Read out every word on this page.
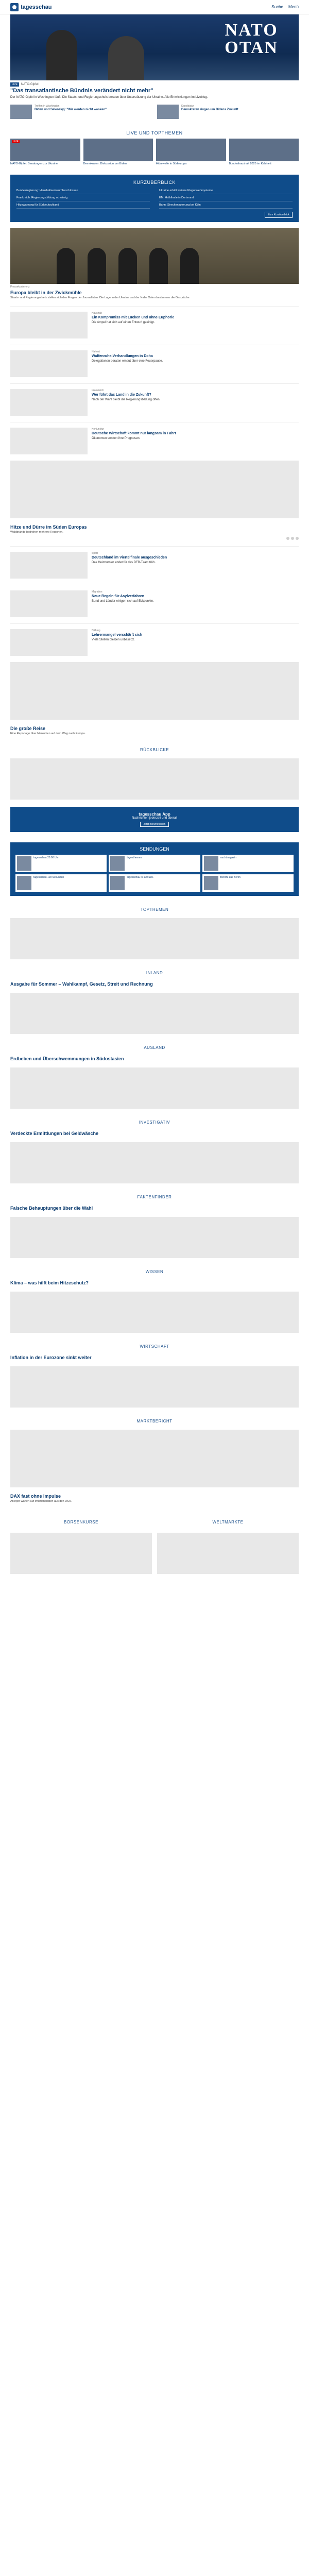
tagesschau	Suche Menü
NATO
OTAN
LIVE	NATO-Gipfel
"Das transatlantische Bündnis verändert nicht mehr"
Der NATO-Gipfel in Washington läuft: Die Staats- und Regierungschefs beraten über Unterstützung der Ukraine. Alle Entwicklungen im Liveblog.
Treffen in Washington
Biden und Selenskyj: "Wir werden nicht wanken"
Kandidatur
Demokraten ringen um Bidens Zukunft
LIVE UND TOPTHEMEN
LIVE
NATO-Gipfel: Beratungen zur Ukraine	Demokraten: Diskussion um Biden	Hitzewelle in Südeuropa	Bundeshaushalt 2025 im Kabinett
KURZÜBERBLICK
Bundesregierung: Haushaltsentwurf beschlossen	Ukraine erhält weitere Flugabwehrsysteme
Frankreich: Regierungsbildung schwierig	EM: Halbfinale in Dortmund
Hitzewarnung für Süddeutschland	Bahn: Streckensperrung bei Köln
Zum Kurzüberblick
Pressekonferenz
Europa bleibt in der Zwickmühle
Staats- und Regierungschefs stellen sich den Fragen der Journalisten. Die Lage in der Ukraine und der Nahe Osten bestimmen die Gespräche.
Haushalt
Ein Kompromiss mit Lücken und ohne Euphorie
Die Ampel hat sich auf einen Entwurf geeinigt.
Nahost
Waffenruhe-Verhandlungen in Doha
Delegationen beraten erneut über eine Feuerpause.
Frankreich
Wer führt das Land in die Zukunft?
Nach der Wahl bleibt die Regierungsbildung offen.
Konjunktur
Deutsche Wirtschaft kommt nur langsam in Fahrt
Ökonomen senken ihre Prognosen.
Hitze und Dürre im Süden Europas
Waldbrände bedrohen mehrere Regionen.
Sport
Deutschland im Viertelfinale ausgeschieden
Das Heimturnier endet für das DFB-Team früh.
Migration
Neue Regeln für Asylverfahren
Bund und Länder einigen sich auf Eckpunkte.
Bildung
Lehrermangel verschärft sich
Viele Stellen bleiben unbesetzt.
Die große Reise
Eine Reportage über Menschen auf dem Weg nach Europa.
RÜCKBLICKE
tagesschau App
Nachrichten jederzeit und überall
Jetzt herunterladen
SENDUNGEN
tagesschau 20:00 Uhr	tagesthemen	nachtmagazin
tagesschau 100 Sekunden	tagesschau in 100 Sek.	Bericht aus Berlin
TOPTHEMEN
INLAND
Ausgabe für Sommer – Wahlkampf, Gesetz, Streit und Rechnung
AUSLAND
Erdbeben und Überschwemmungen in Südostasien
INVESTIGATIV
Verdeckte Ermittlungen bei Geldwäsche
FAKTENFINDER
Falsche Behauptungen über die Wahl
WISSEN
Klima – was hilft beim Hitzeschutz?
WIRTSCHAFT
Inflation in der Eurozone sinkt weiter
MARKTBERICHT
DAX fast ohne Impulse
Anleger warten auf Inflationsdaten aus den USA.
BÖRSENKURSE	WELTMÄRKTE
